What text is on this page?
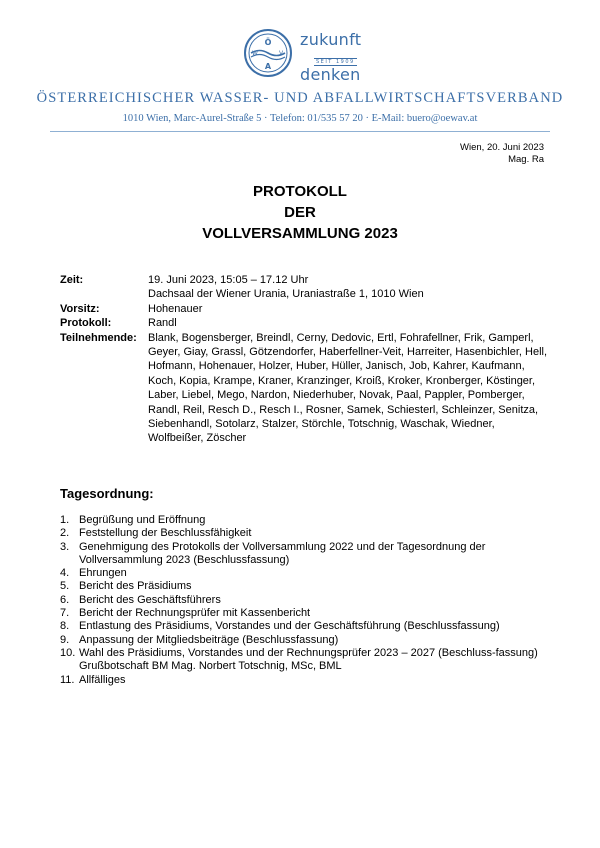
Ö
W	V
A
zukunft
SEIT 1909
denken
ÖSTERREICHISCHER WASSER- UND ABFALLWIRTSCHAFTSVERBAND
1010 Wien, Marc-Aurel-Straße 5 · Telefon: 01/535 57 20 · E-Mail: buero@oewav.at
Wien, 20. Juni 2023
Mag. Ra
PROTOKOLL
DER
VOLLVERSAMMLUNG 2023
Zeit:	19. Juni 2023, 15:05 – 17.12 Uhr
Dachsaal der Wiener Urania, Uraniastraße 1, 1010 Wien
Vorsitz:	Hohenauer
Protokoll:	Randl
Teilnehmende:	Blank, Bogensberger, Breindl, Cerny, Dedovic, Ertl, Fohrafellner, Frik, Gamperl, Geyer, Giay, Grassl, Götzendorfer, Haberfellner-Veit, Harreiter, Hasenbichler, Hell, Hofmann, Hohenauer, Holzer, Huber, Hüller, Janisch, Job, Kahrer, Kaufmann, Koch, Kopia, Krampe, Kraner, Kranzinger, Kroiß, Kroker, Kronberger, Köstinger, Laber, Liebel, Mego, Nardon, Niederhuber, Novak, Paal, Pappler, Pomberger, Randl, Reil, Resch D., Resch I., Rosner, Samek, Schiesterl, Schleinzer, Senitza, Siebenhandl, Sotolarz, Stalzer, Störchle, Totschnig, Waschak, Wiedner, Wolfbeißer, Zöscher
Tagesordnung:
1. Begrüßung und Eröffnung
2. Feststellung der Beschlussfähigkeit
3. Genehmigung des Protokolls der Vollversammlung 2022 und der Tagesordnung der Vollversammlung 2023 (Beschlussfassung)
4. Ehrungen
5. Bericht des Präsidiums
6. Bericht des Geschäftsführers
7. Bericht der Rechnungsprüfer mit Kassenbericht
8. Entlastung des Präsidiums, Vorstandes und der Geschäftsführung (Beschlussfassung)
9. Anpassung der Mitgliedsbeiträge (Beschlussfassung)
10. Wahl des Präsidiums, Vorstandes und der Rechnungsprüfer 2023 – 2027 (Beschluss-fassung)
Grußbotschaft BM Mag. Norbert Totschnig, MSc, BML
11. Allfälliges
